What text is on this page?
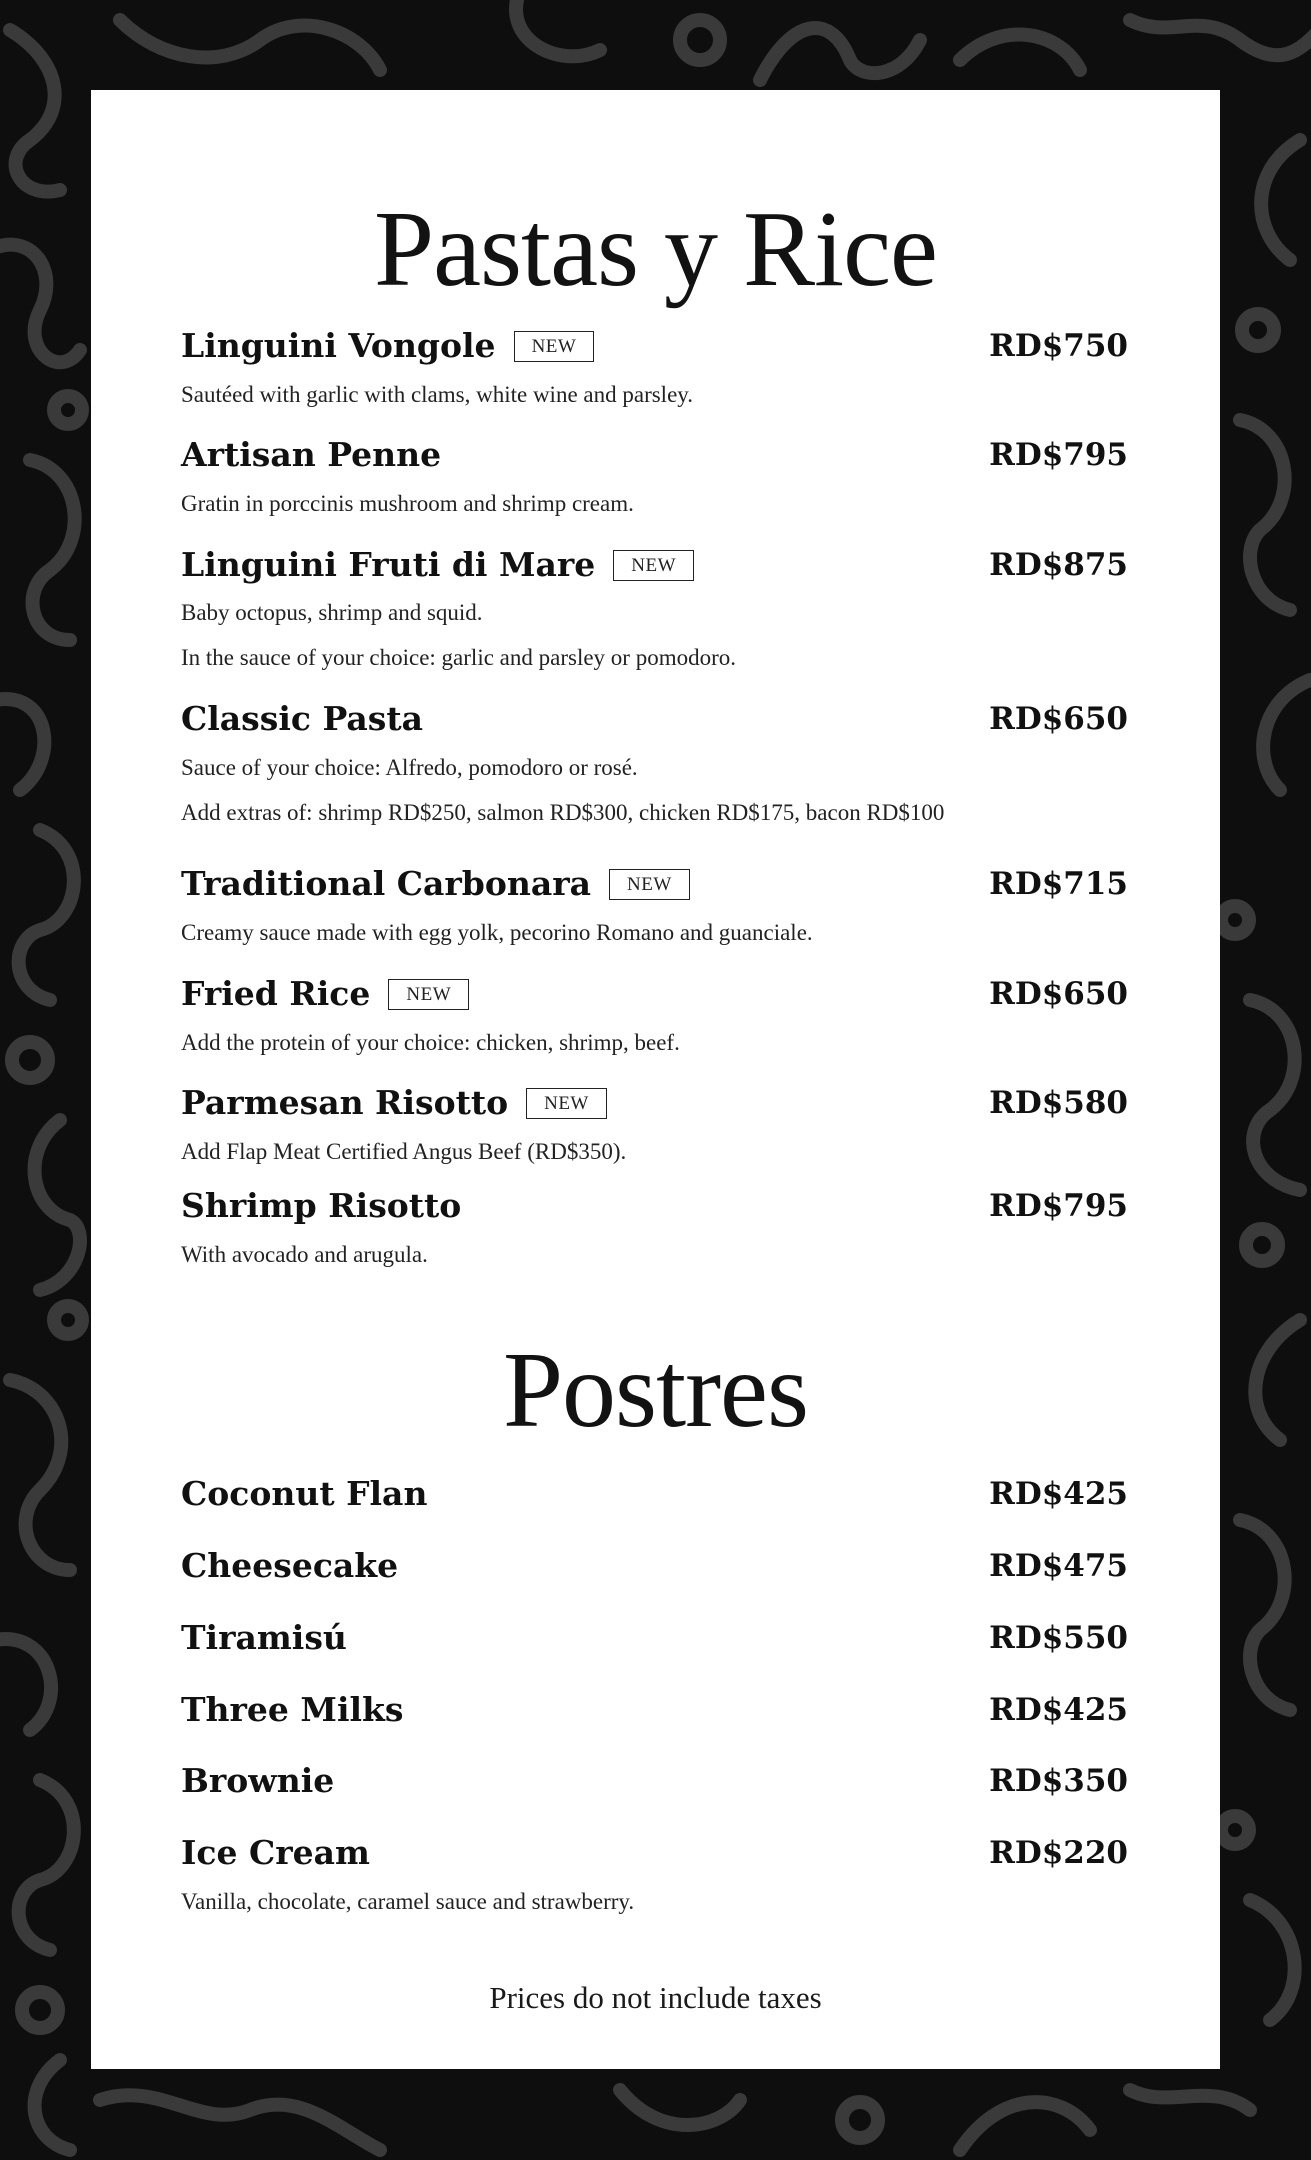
Pastas y Rice
Linguini Vongole NEW	RD$750
Sautéed with garlic with clams, white wine and parsley.
Artisan Penne	RD$795
Gratin in porccinis mushroom and shrimp cream.
Linguini Fruti di Mare NEW	RD$875
Baby octopus, shrimp and squid.
In the sauce of your choice: garlic and parsley or pomodoro.
Classic Pasta	RD$650
Sauce of your choice: Alfredo, pomodoro or rosé.
Add extras of: shrimp RD$250, salmon RD$300, chicken RD$175, bacon RD$100
Traditional Carbonara NEW	RD$715
Creamy sauce made with egg yolk, pecorino Romano and guanciale.
Fried Rice NEW	RD$650
Add the protein of your choice: chicken, shrimp, beef.
Parmesan Risotto NEW	RD$580
Add Flap Meat Certified Angus Beef (RD$350).
Shrimp Risotto	RD$795
With avocado and arugula.
Postres
Coconut Flan	RD$425
Cheesecake	RD$475
Tiramisú	RD$550
Three Milks	RD$425
Brownie	RD$350
Ice Cream	RD$220
Vanilla, chocolate, caramel sauce and strawberry.
Prices do not include taxes
